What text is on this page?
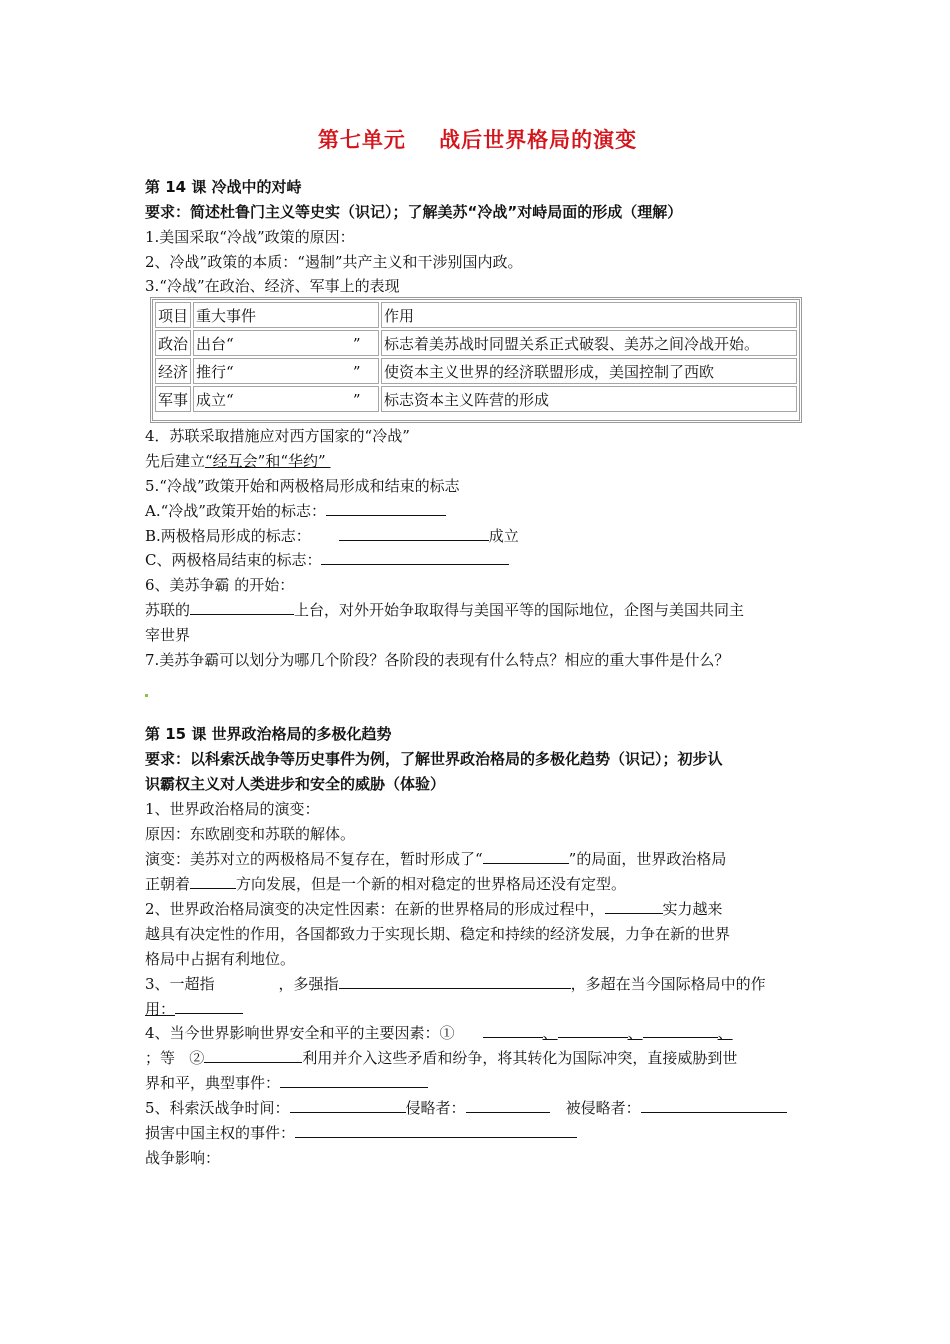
第七单元    战后世界格局的演变
第 14 课 冷战中的对峙
要求：简述杜鲁门主义等史实（识记）；了解美苏“冷战”对峙局面的形成（理解）
1.美国采取“冷战”政策的原因：
2、冷战”政策的本质：“遏制”共产主义和干涉别国内政。
3.“冷战”在政治、经济、军事上的表现
项目	重大事件	作用
政治	出台“                         ”	标志着美苏战时同盟关系正式破裂、美苏之间冷战开始。
经济	推行“                         ”	使资本主义世界的经济联盟形成，美国控制了西欧
军事	成立“                         ”	标志资本主义阵营的形成
4．苏联采取措施应对西方国家的“冷战”
先后建立“经互会”和“华约”
5.“冷战”政策开始和两极格局形成和结束的标志
A.“冷战”政策开始的标志：
B.两极格局形成的标志：	成立
C、两极格局结束的标志：
6、美苏争霸 的开始：
苏联的	上台，对外开始争取取得与美国平等的国际地位，企图与美国共同主
宰世界
7.美苏争霸可以划分为哪几个阶段？各阶段的表现有什么特点？相应的重大事件是什么？
第 15 课 世界政治格局的多极化趋势
要求：以科索沃战争等历史事件为例，了解世界政治格局的多极化趋势（识记）；初步认
识霸权主义对人类进步和安全的威胁（体验）
1、世界政治格局的演变：
原因：东欧剧变和苏联的解体。
演变：美苏对立的两极格局不复存在，暂时形成了“	”的局面，世界政治格局
正朝着	方向发展，但是一个新的相对稳定的世界格局还没有定型。
2、世界政治格局演变的决定性因素：在新的世界格局的形成过程中，	实力越来
越具有决定性的作用，各国都致力于实现长期、稳定和持续的经济发展，力争在新的世界
格局中占据有利地位。
3、一超指	，多强指	，多超在当今国际格局中的作
用：
4、当今世界影响世界安全和平的主要因素：①	、	、	、
；等   ②	利用并介入这些矛盾和纷争，将其转化为国际冲突，直接威胁到世
界和平，典型事件：
5、科索沃战争时间：	侵略者：	被侵略者：
损害中国主权的事件：
战争影响：
